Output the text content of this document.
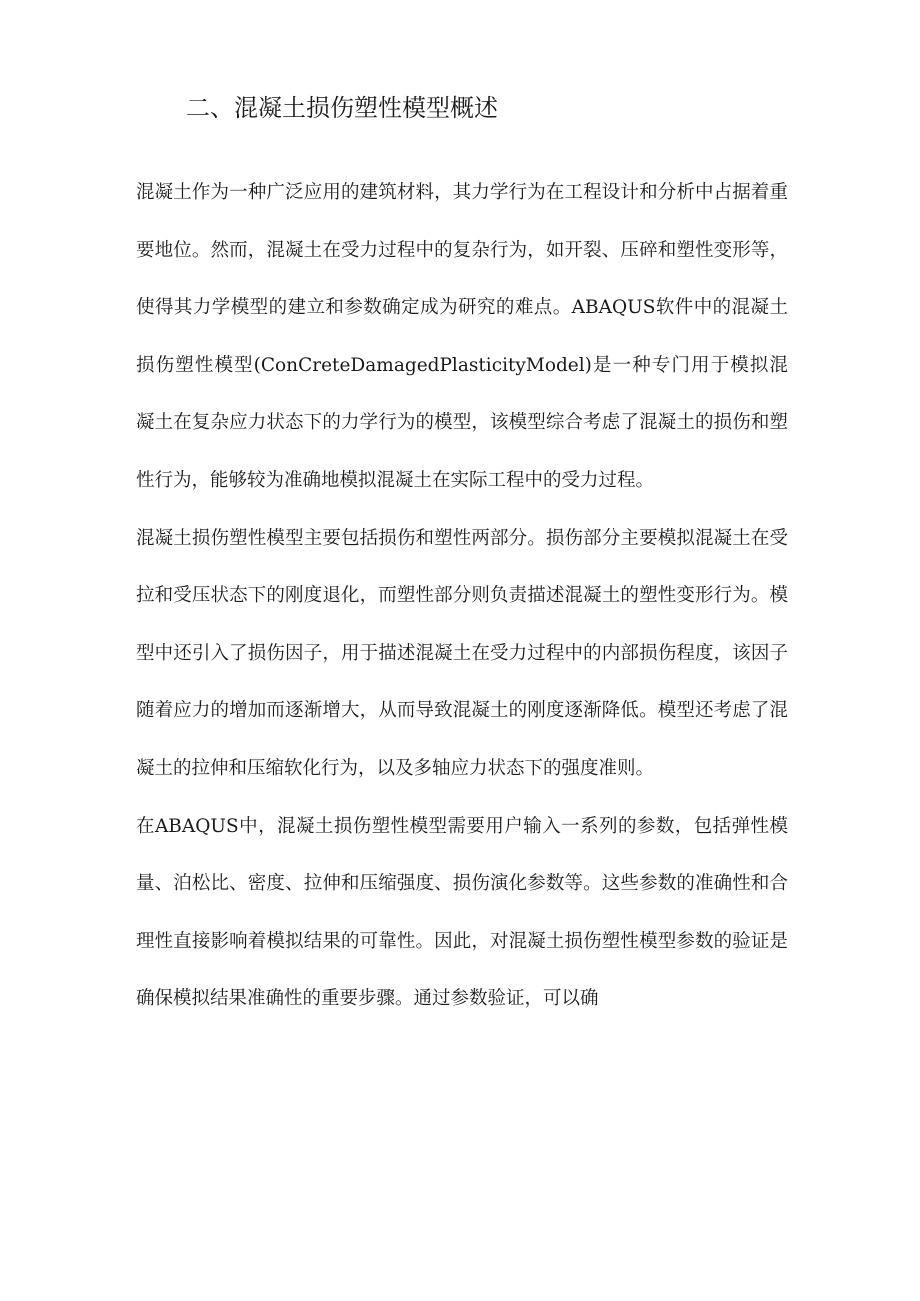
二、混凝土损伤塑性模型概述

混凝土作为一种广泛应用的建筑材料，其力学行为在工程设计和分析中占据着重要地位。然而，混凝土在受力过程中的复杂行为，如开裂、压碎和塑性变形等，使得其力学模型的建立和参数确定成为研究的难点。ABAQUS软件中的混凝土损伤塑性模型(ConCreteDamagedPlasticityModel)是一种专门用于模拟混凝土在复杂应力状态下的力学行为的模型，该模型综合考虑了混凝土的损伤和塑性行为，能够较为准确地模拟混凝土在实际工程中的受力过程。

混凝土损伤塑性模型主要包括损伤和塑性两部分。损伤部分主要模拟混凝土在受拉和受压状态下的刚度退化，而塑性部分则负责描述混凝土的塑性变形行为。模型中还引入了损伤因子，用于描述混凝土在受力过程中的内部损伤程度，该因子随着应力的增加而逐渐增大，从而导致混凝土的刚度逐渐降低。模型还考虑了混凝土的拉伸和压缩软化行为，以及多轴应力状态下的强度准则。

在ABAQUS中，混凝土损伤塑性模型需要用户输入一系列的参数，包括弹性模量、泊松比、密度、拉伸和压缩强度、损伤演化参数等。这些参数的准确性和合理性直接影响着模拟结果的可靠性。因此，对混凝土损伤塑性模型参数的验证是确保模拟结果准确性的重要步骤。通过参数验证，可以确
